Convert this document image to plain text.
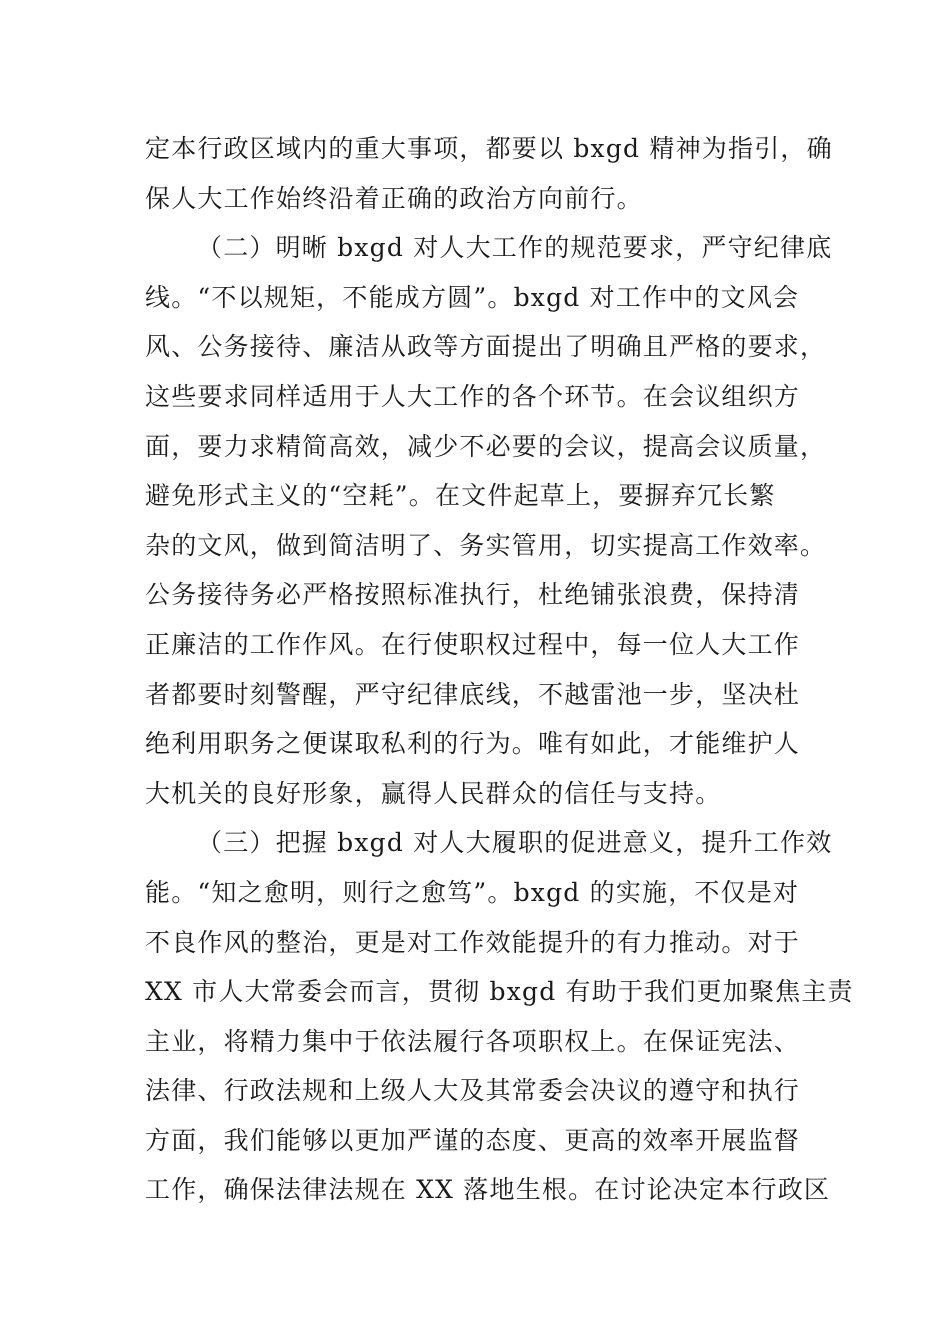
定本行政区域内的重大事项，都要以 bxgd 精神为指引，确
保人大工作始终沿着正确的政治方向前行。
（二）明晰 bxgd 对人大工作的规范要求，严守纪律底
线。“不以规矩，不能成方圆”。bxgd 对工作中的文风会
风、公务接待、廉洁从政等方面提出了明确且严格的要求，
这些要求同样适用于人大工作的各个环节。在会议组织方
面，要力求精简高效，减少不必要的会议，提高会议质量，
避免形式主义的“空耗”。在文件起草上，要摒弃冗长繁
杂的文风，做到简洁明了、务实管用，切实提高工作效率。
公务接待务必严格按照标准执行，杜绝铺张浪费，保持清
正廉洁的工作作风。在行使职权过程中，每一位人大工作
者都要时刻警醒，严守纪律底线，不越雷池一步，坚决杜
绝利用职务之便谋取私利的行为。唯有如此，才能维护人
大机关的良好形象，赢得人民群众的信任与支持。
（三）把握 bxgd 对人大履职的促进意义，提升工作效
能。“知之愈明，则行之愈笃”。bxgd 的实施，不仅是对
不良作风的整治，更是对工作效能提升的有力推动。对于
XX 市人大常委会而言，贯彻 bxgd 有助于我们更加聚焦主责
主业，将精力集中于依法履行各项职权上。在保证宪法、
法律、行政法规和上级人大及其常委会决议的遵守和执行
方面，我们能够以更加严谨的态度、更高的效率开展监督
工作，确保法律法规在 XX 落地生根。在讨论决定本行政区
